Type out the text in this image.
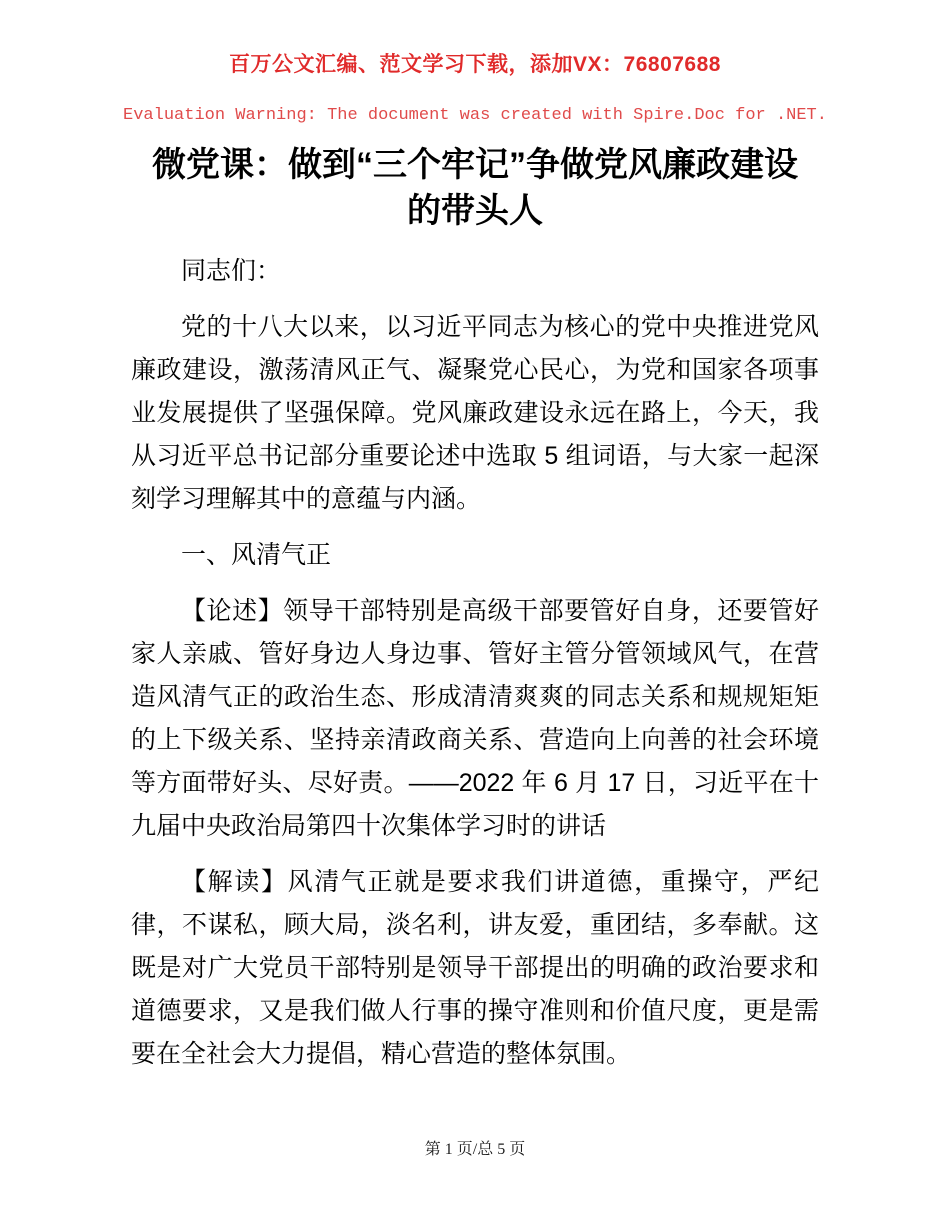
百万公文汇编、范文学习下载，添加VX：76807688
Evaluation Warning: The document was created with Spire.Doc for .NET.
微党课：做到“三个牢记”争做党风廉政建设
的带头人
同志们：
党的十八大以来，以习近平同志为核心的党中央推进党风廉政建设，激荡清风正气、凝聚党心民心，为党和国家各项事业发展提供了坚强保障。党风廉政建设永远在路上，今天，我从习近平总书记部分重要论述中选取 5 组词语，与大家一起深刻学习理解其中的意蕴与内涵。
一、风清气正
【论述】领导干部特别是高级干部要管好自身，还要管好家人亲戚、管好身边人身边事、管好主管分管领域风气，在营造风清气正的政治生态、形成清清爽爽的同志关系和规规矩矩的上下级关系、坚持亲清政商关系、营造向上向善的社会环境等方面带好头、尽好责。——2022 年 6 月 17 日，习近平在十九届中央政治局第四十次集体学习时的讲话
【解读】风清气正就是要求我们讲道德，重操守，严纪律，不谋私，顾大局，淡名利，讲友爱，重团结，多奉献。这既是对广大党员干部特别是领导干部提出的明确的政治要求和道德要求，又是我们做人行事的操守准则和价值尺度，更是需要在全社会大力提倡，精心营造的整体氛围。
第 1 页/总 5 页
